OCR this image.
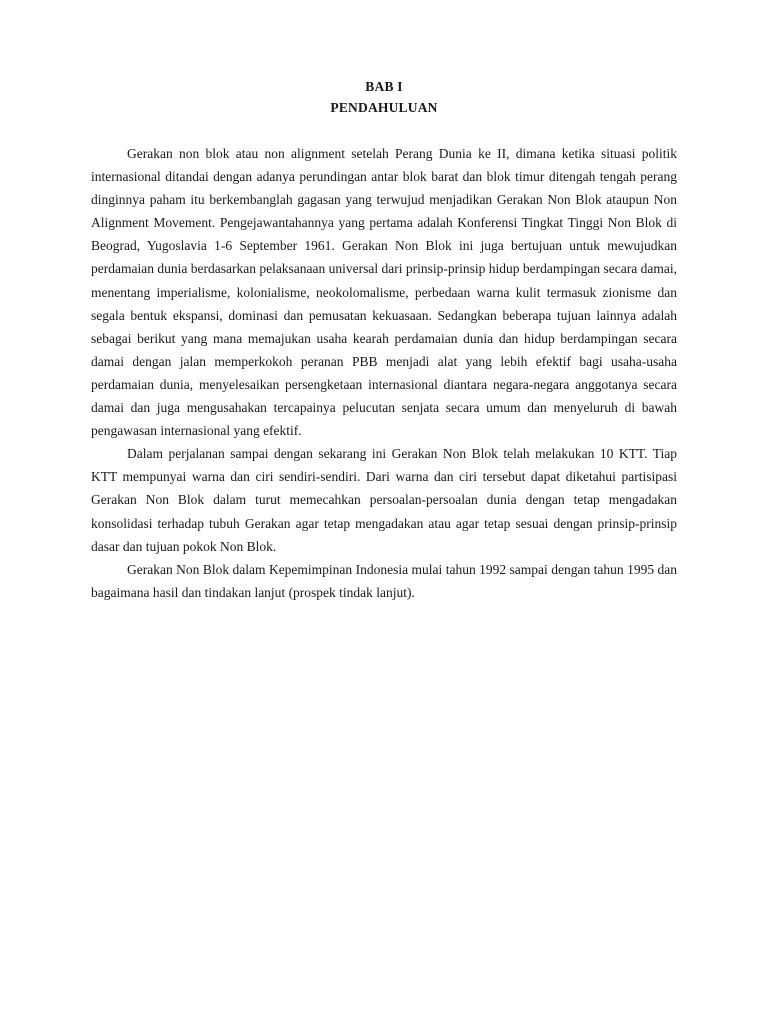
BAB I
PENDAHULUAN

Gerakan non blok atau non alignment setelah Perang Dunia ke II, dimana ketika situasi politik internasional ditandai dengan adanya perundingan antar blok barat dan blok timur ditengah tengah perang dinginnya paham itu berkembanglah gagasan yang terwujud menjadikan Gerakan Non Blok ataupun Non Alignment Movement. Pengejawantahannya yang pertama adalah Konferensi Tingkat Tinggi Non Blok di Beograd, Yugoslavia 1-6 September 1961. Gerakan Non Blok ini juga bertujuan untuk mewujudkan perdamaian dunia berdasarkan pelaksanaan universal dari prinsip-prinsip hidup berdampingan secara damai, menentang imperialisme, kolonialisme, neokolomalisme, perbedaan warna kulit termasuk zionisme dan segala bentuk ekspansi, dominasi dan pemusatan kekuasaan. Sedangkan beberapa tujuan lainnya adalah sebagai berikut yang mana memajukan usaha kearah perdamaian dunia dan hidup berdampingan secara damai dengan jalan memperkokoh peranan PBB menjadi alat yang lebih efektif bagi usaha-usaha perdamaian dunia, menyelesaikan persengketaan internasional diantara negara-negara anggotanya secara damai dan juga mengusahakan tercapainya pelucutan senjata secara umum dan menyeluruh di bawah pengawasan internasional yang efektif.

Dalam perjalanan sampai dengan sekarang ini Gerakan Non Blok telah melakukan 10 KTT. Tiap KTT mempunyai warna dan ciri sendiri-sendiri. Dari warna dan ciri tersebut dapat diketahui partisipasi Gerakan Non Blok dalam turut memecahkan persoalan-persoalan dunia dengan tetap mengadakan konsolidasi terhadap tubuh Gerakan agar tetap mengadakan atau agar tetap sesuai dengan prinsip-prinsip dasar dan tujuan pokok Non Blok.

Gerakan Non Blok dalam Kepemimpinan Indonesia mulai tahun 1992 sampai dengan tahun 1995 dan bagaimana hasil dan tindakan lanjut (prospek tindak lanjut).
